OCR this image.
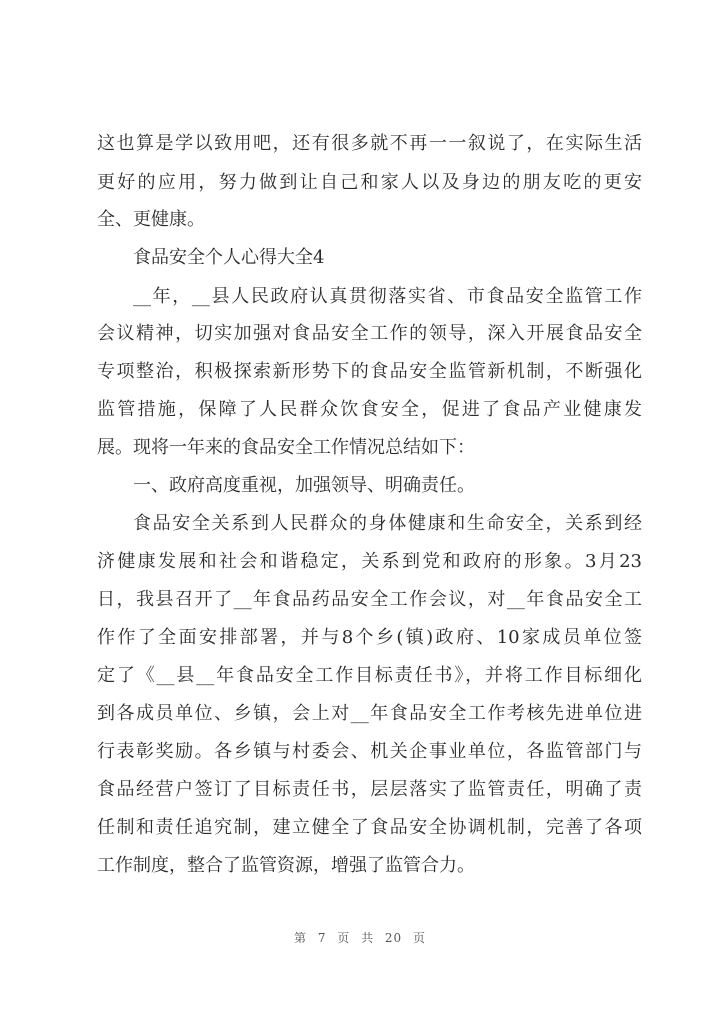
这也算是学以致用吧，还有很多就不再一一叙说了，在实际生活
更好的应用，努力做到让自己和家人以及身边的朋友吃的更安
全、更健康。
食品安全个人心得大全4
__年，__县人民政府认真贯彻落实省、市食品安全监管工作
会议精神，切实加强对食品安全工作的领导，深入开展食品安全
专项整治，积极探索新形势下的食品安全监管新机制，不断强化
监管措施，保障了人民群众饮食安全，促进了食品产业健康发
展。现将一年来的食品安全工作情况总结如下：
一、政府高度重视，加强领导、明确责任。
食品安全关系到人民群众的身体健康和生命安全，关系到经
济健康发展和社会和谐稳定，关系到党和政府的形象。3月23
日，我县召开了__年食品药品安全工作会议，对__年食品安全工
作作了全面安排部署，并与8个乡(镇)政府、10家成员单位签
定了《__县__年食品安全工作目标责任书》，并将工作目标细化
到各成员单位、乡镇，会上对__年食品安全工作考核先进单位进
行表彰奖励。各乡镇与村委会、机关企事业单位，各监管部门与
食品经营户签订了目标责任书，层层落实了监管责任，明确了责
任制和责任追究制，建立健全了食品安全协调机制，完善了各项
工作制度，整合了监管资源，增强了监管合力。
第 7 页 共 20 页
